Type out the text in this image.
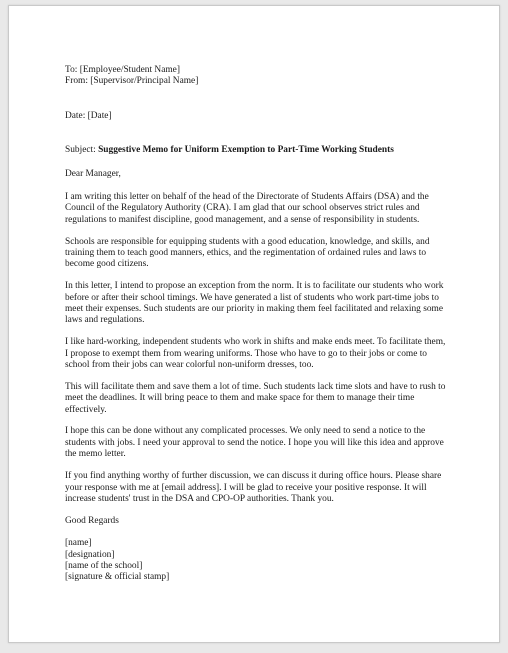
To: [Employee/Student Name]

From: [Supervisor/Principal Name]

Date: [Date]

Subject: Suggestive Memo for Uniform Exemption to Part-Time Working Students

Dear Manager,

I am writing this letter on behalf of the head of the Directorate of Students Affairs (DSA) and the Council of the Regulatory Authority (CRA). I am glad that our school observes strict rules and regulations to manifest discipline, good management, and a sense of responsibility in students.

Schools are responsible for equipping students with a good education, knowledge, and skills, and training them to teach good manners, ethics, and the regimentation of ordained rules and laws to become good citizens.

In this letter, I intend to propose an exception from the norm. It is to facilitate our students who work before or after their school timings. We have generated a list of students who work part-time jobs to meet their expenses. Such students are our priority in making them feel facilitated and relaxing some laws and regulations.

I like hard-working, independent students who work in shifts and make ends meet. To facilitate them, I propose to exempt them from wearing uniforms. Those who have to go to their jobs or come to school from their jobs can wear colorful non-uniform dresses, too.

This will facilitate them and save them a lot of time. Such students lack time slots and have to rush to meet the deadlines. It will bring peace to them and make space for them to manage their time effectively.

I hope this can be done without any complicated processes. We only need to send a notice to the students with jobs. I need your approval to send the notice. I hope you will like this idea and approve the memo letter.

If you find anything worthy of further discussion, we can discuss it during office hours. Please share your response with me at [email address]. I will be glad to receive your positive response. It will increase students' trust in the DSA and CPO-OP authorities. Thank you.

Good Regards

[name]

[designation]

[name of the school]

[signature & official stamp]
